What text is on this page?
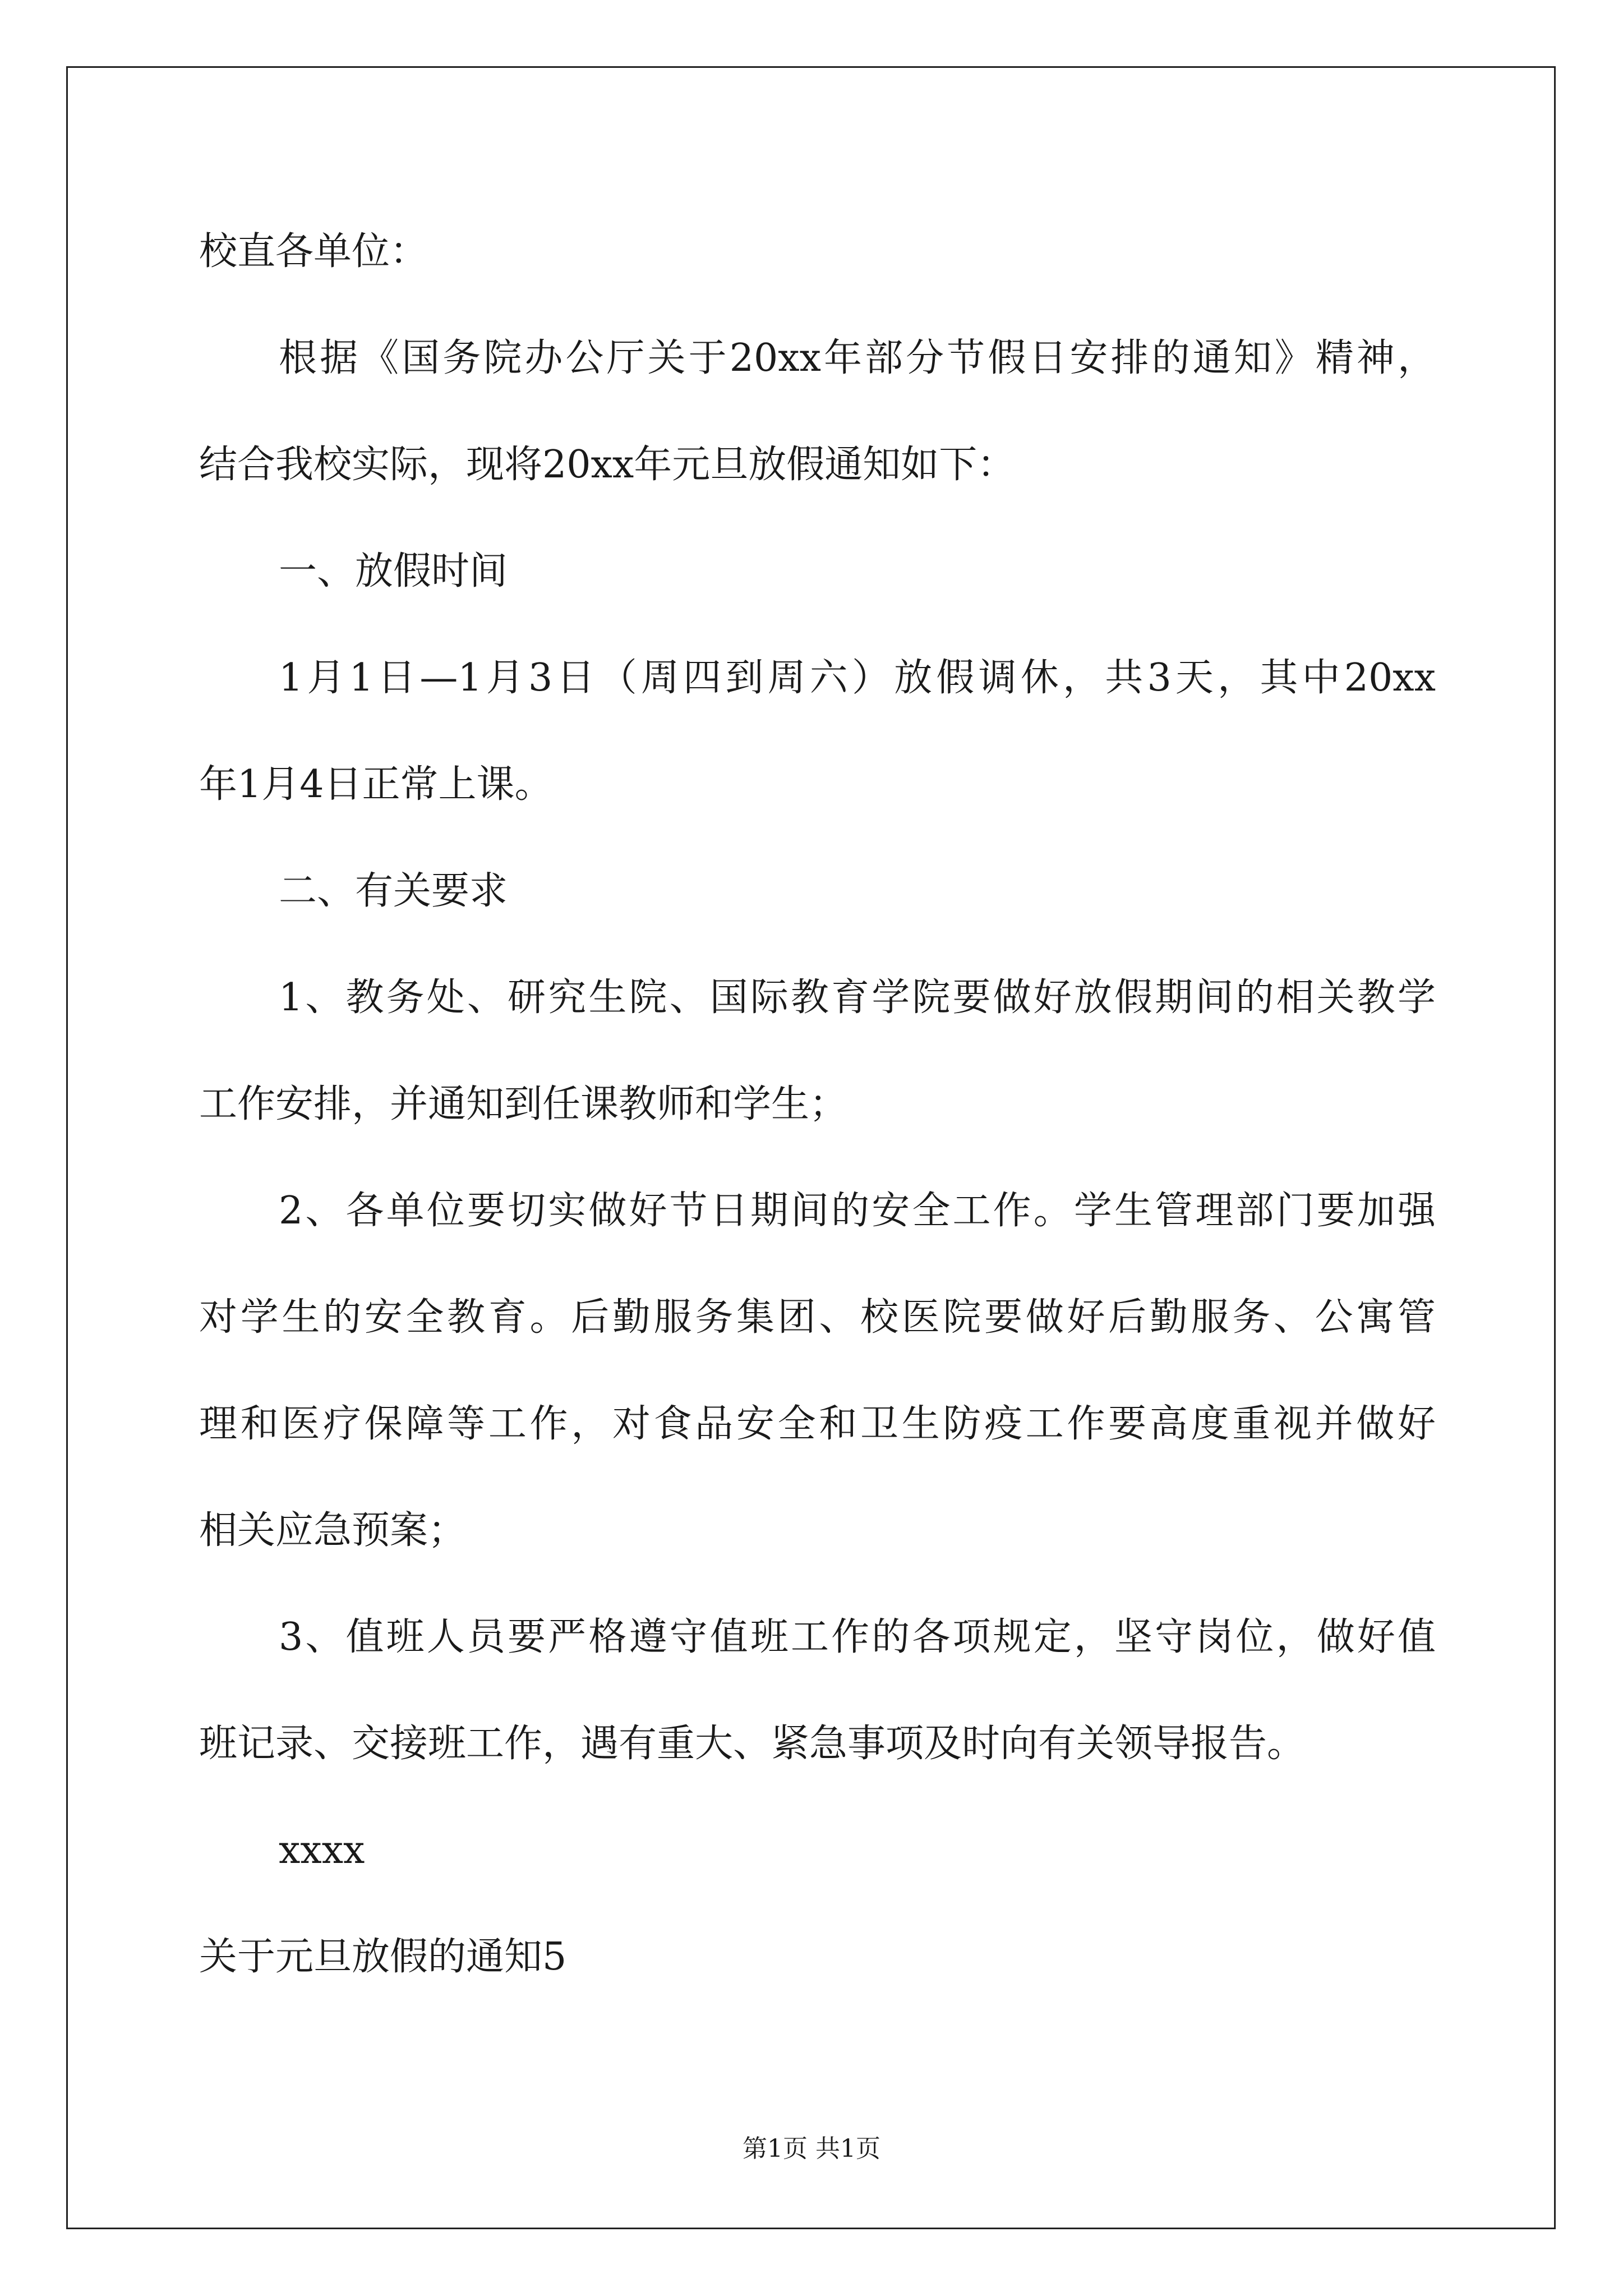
校直各单位：
根据《国务院办公厅关于20xx年部分节假日安排的通知》精神，
结合我校实际，现将20xx年元旦放假通知如下：
一、放假时间
1月1日—1月3日（周四到周六）放假调休，共3天，其中20xx
年1月4日正常上课。
二、有关要求
1、教务处、研究生院、国际教育学院要做好放假期间的相关教学
工作安排，并通知到任课教师和学生；
2、各单位要切实做好节日期间的安全工作。学生管理部门要加强
对学生的安全教育。后勤服务集团、校医院要做好后勤服务、公寓管
理和医疗保障等工作，对食品安全和卫生防疫工作要高度重视并做好
相关应急预案；
3、值班人员要严格遵守值班工作的各项规定，坚守岗位，做好值
班记录、交接班工作，遇有重大、紧急事项及时向有关领导报告。
xxxx
关于元旦放假的通知5
第1页 共1页
